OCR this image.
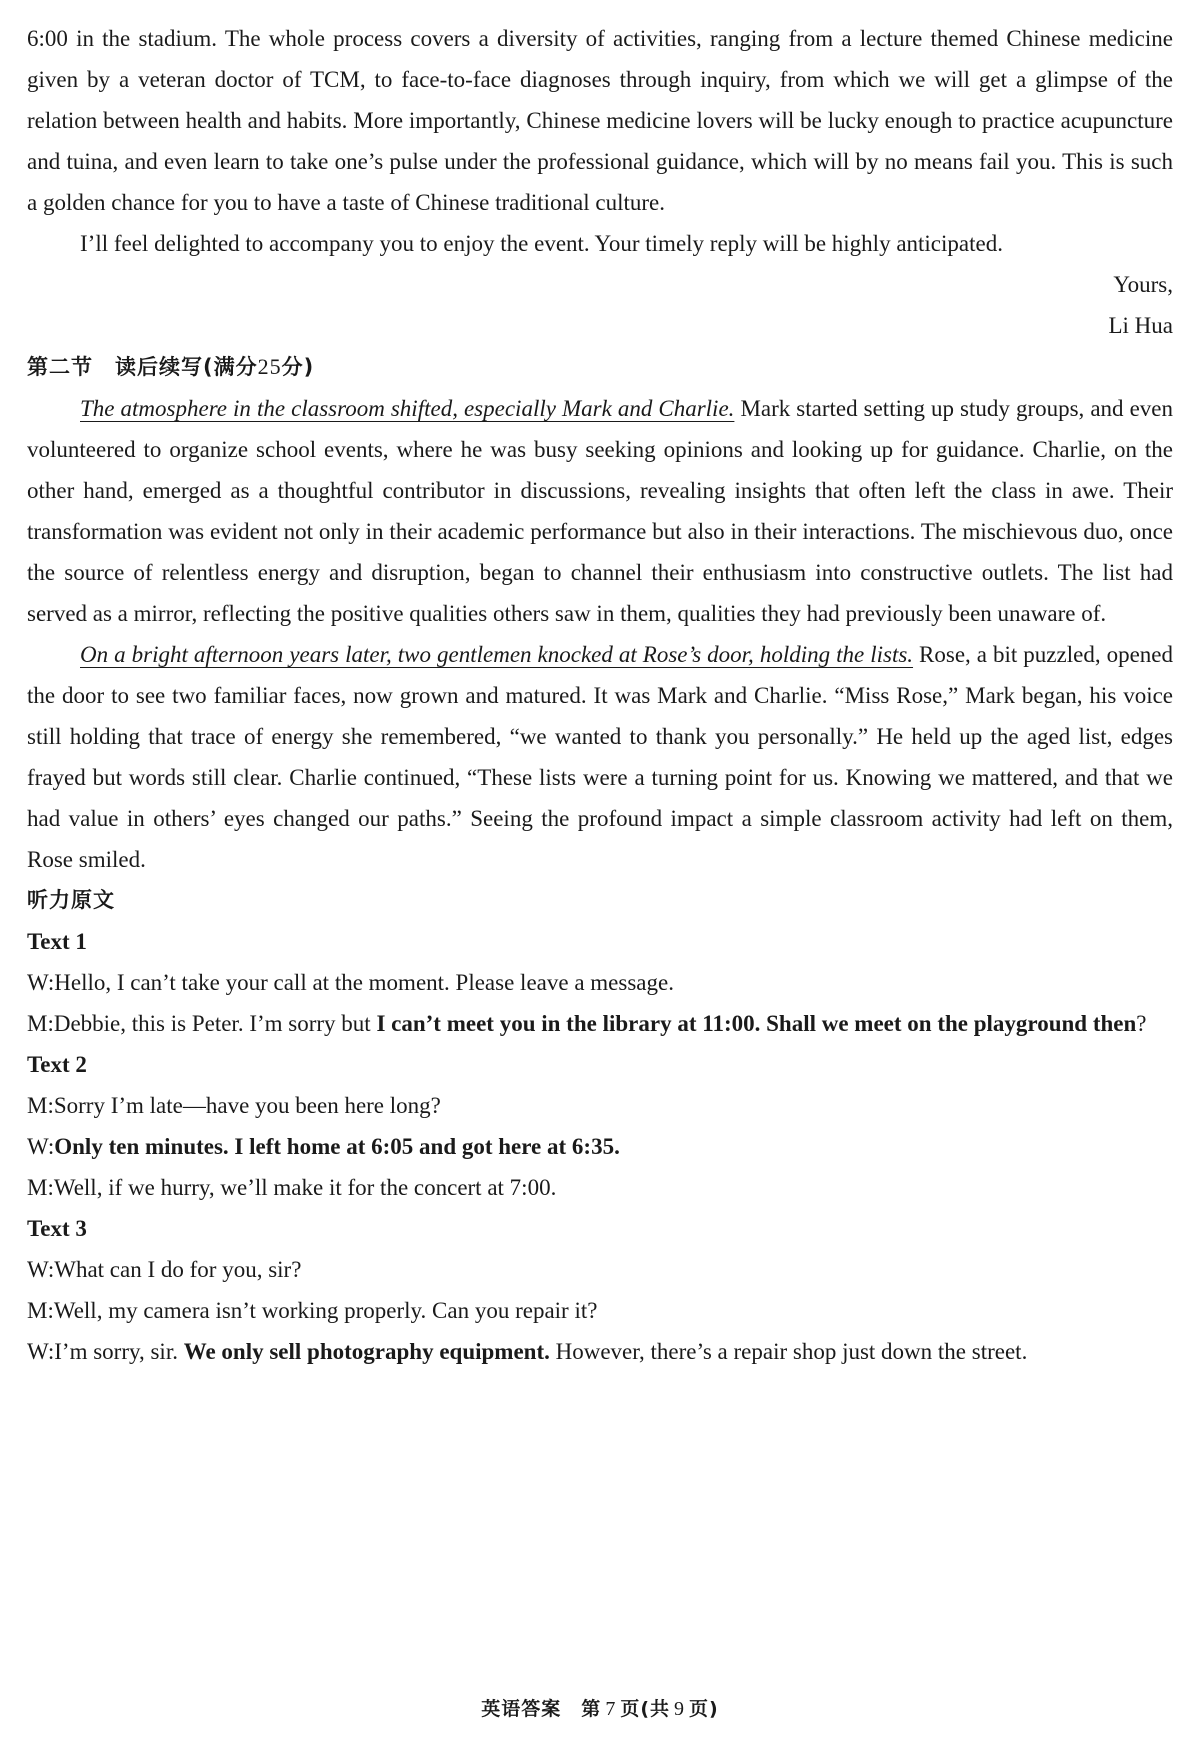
6:00 in the stadium. The whole process covers a diversity of activities, ranging from a lecture themed Chinese medicine given by a veteran doctor of TCM, to face-to-face diagnoses through inquiry, from which we will get a glimpse of the relation between health and habits. More importantly, Chinese medicine lovers will be lucky enough to practice acupuncture and tuina, and even learn to take one’s pulse under the professional guidance, which will by no means fail you. This is such a golden chance for you to have a taste of Chinese traditional culture.

I’ll feel delighted to accompany you to enjoy the event. Your timely reply will be highly anticipated.

Yours,

Li Hua

第二节　读后续写(满分25分)

The atmosphere in the classroom shifted, especially Mark and Charlie. Mark started setting up study groups, and even volunteered to organize school events, where he was busy seeking opinions and looking up for guidance. Charlie, on the other hand, emerged as a thoughtful contributor in discussions, revealing insights that often left the class in awe. Their transformation was evident not only in their academic performance but also in their interactions. The mischievous duo, once the source of relentless energy and disruption, began to channel their enthusiasm into constructive outlets. The list had served as a mirror, reflecting the positive qualities others saw in them, qualities they had previously been unaware of.

On a bright afternoon years later, two gentlemen knocked at Rose’s door, holding the lists. Rose, a bit puzzled, opened the door to see two familiar faces, now grown and matured. It was Mark and Charlie. “Miss Rose,” Mark began, his voice still holding that trace of energy she remembered, “we wanted to thank you personally.” He held up the aged list, edges frayed but words still clear. Charlie continued, “These lists were a turning point for us. Knowing we mattered, and that we had value in others’ eyes changed our paths.” Seeing the profound impact a simple classroom activity had left on them, Rose smiled.

听力原文

Text 1

W:Hello, I can’t take your call at the moment. Please leave a message.

M:Debbie, this is Peter. I’m sorry but I can’t meet you in the library at 11:00. Shall we meet on the playground then?

Text 2

M:Sorry I’m late—have you been here long?

W:Only ten minutes. I left home at 6:05 and got here at 6:35.

M:Well, if we hurry, we’ll make it for the concert at 7:00.

Text 3

W:What can I do for you, sir?

M:Well, my camera isn’t working properly. Can you repair it?

W:I’m sorry, sir. We only sell photography equipment. However, there’s a repair shop just down the street.

英语答案　第 7 页(共 9 页)
